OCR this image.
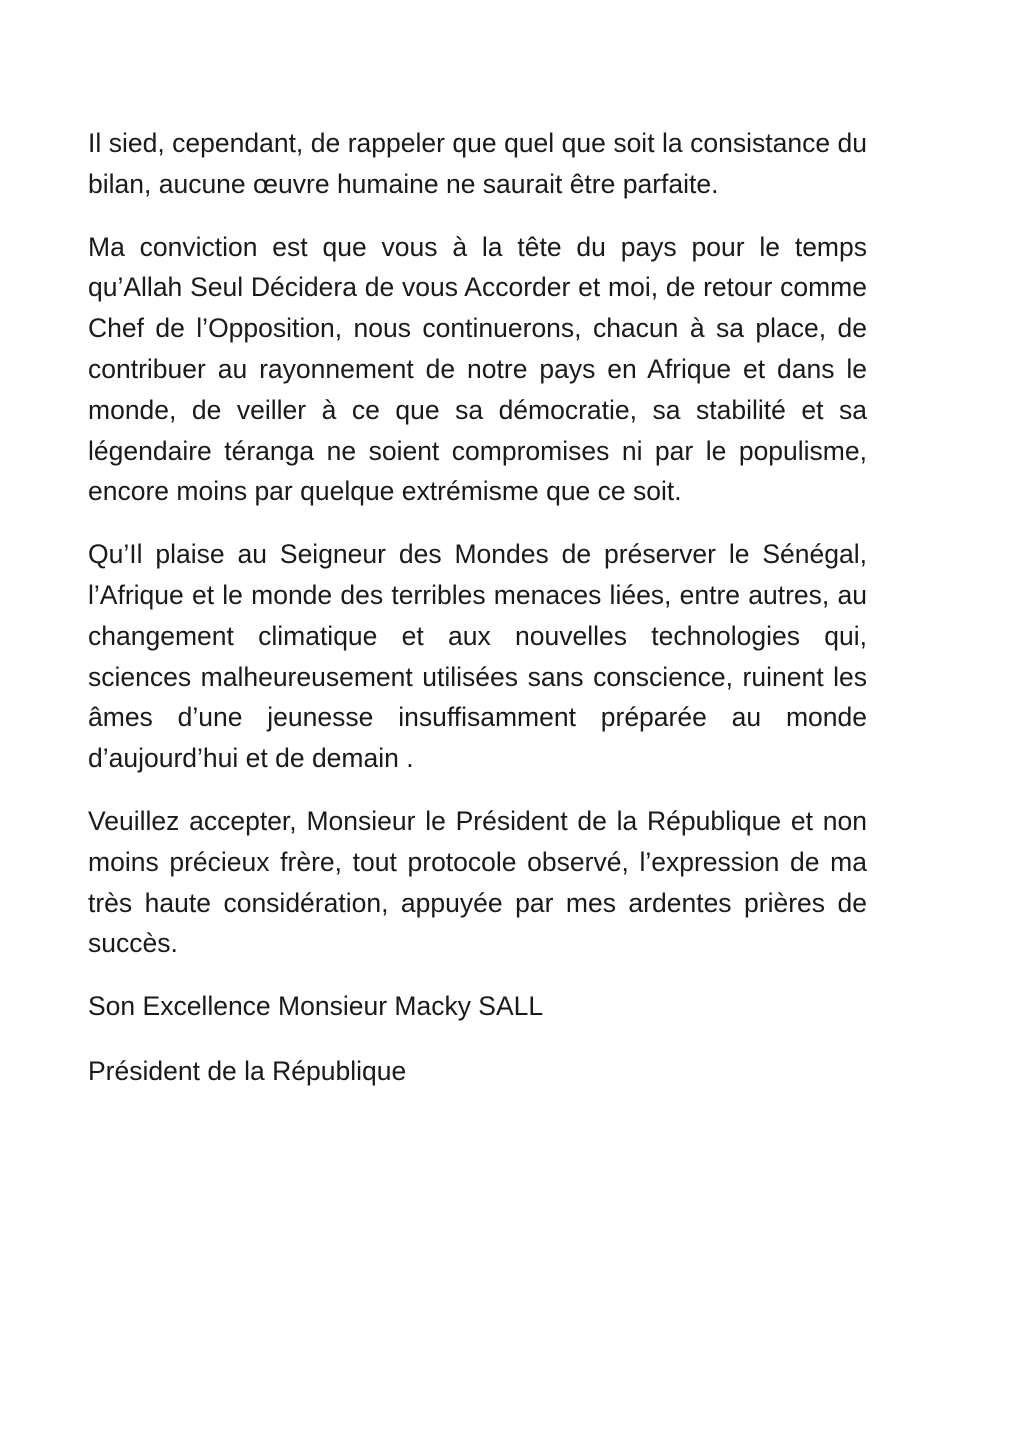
Il sied, cependant, de rappeler que quel que soit la consistance du bilan, aucune œuvre humaine ne saurait être parfaite.

Ma conviction est que vous à la tête du pays pour le temps qu’Allah Seul Décidera de vous Accorder et moi, de retour comme Chef de l’Opposition, nous continuerons, chacun à sa place, de contribuer au rayonnement de notre pays en Afrique et dans le monde, de veiller à ce que sa démocratie, sa stabilité et sa légendaire téranga ne soient compromises ni par le populisme, encore moins par quelque extrémisme que ce soit.

Qu’Il plaise au Seigneur des Mondes de préserver le Sénégal, l’Afrique et le monde des terribles menaces liées, entre autres, au changement climatique et aux nouvelles technologies qui, sciences malheureusement utilisées sans conscience, ruinent les âmes d’une jeunesse insuffisamment préparée au monde d’aujourd’hui et de demain .

Veuillez accepter, Monsieur le Président de la République et non moins précieux frère, tout protocole observé, l’expression de ma très haute considération, appuyée par mes ardentes prières de succès.

Son Excellence Monsieur Macky SALL

Président de la République
